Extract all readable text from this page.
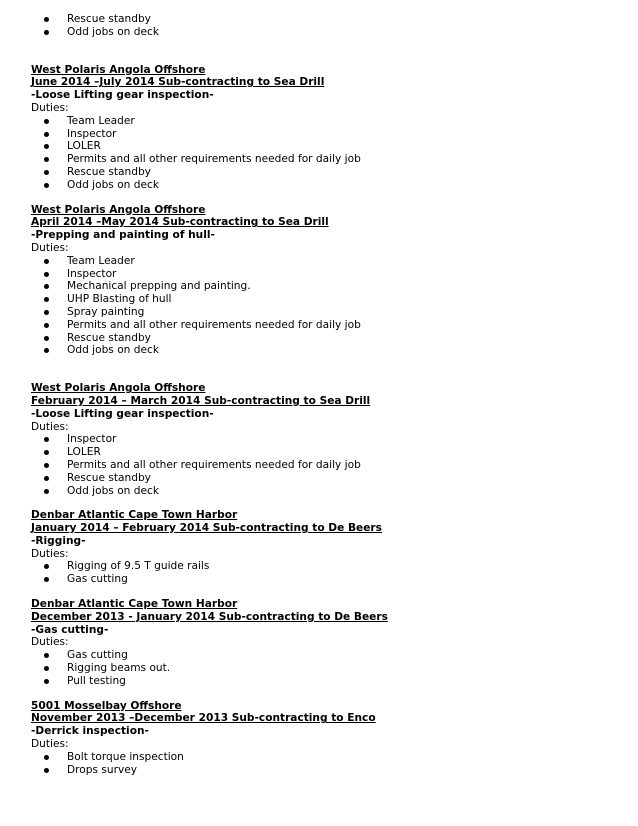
Rescue standby
Odd jobs on deck
West Polaris Angola Offshore
June 2014 –July 2014 Sub-contracting to Sea Drill
-Loose Lifting gear inspection-
Duties:
Team Leader
Inspector
LOLER
Permits and all other requirements needed for daily job
Rescue standby
Odd jobs on deck
West Polaris Angola Offshore
April 2014 –May 2014 Sub-contracting to Sea Drill
-Prepping and painting of hull-
Duties:
Team Leader
Inspector
Mechanical prepping and painting.
UHP Blasting of hull
Spray painting
Permits and all other requirements needed for daily job
Rescue standby
Odd jobs on deck
West Polaris Angola Offshore
February 2014 – March 2014 Sub-contracting to Sea Drill
-Loose Lifting gear inspection-
Duties:
Inspector
LOLER
Permits and all other requirements needed for daily job
Rescue standby
Odd jobs on deck
Denbar Atlantic Cape Town Harbor
January 2014 – February 2014 Sub-contracting to De Beers
-Rigging-
Duties:
Rigging of 9.5 T guide rails
Gas cutting
Denbar Atlantic Cape Town Harbor
December 2013 - January 2014 Sub-contracting to De Beers
-Gas cutting-
Duties:
Gas cutting
Rigging beams out.
Pull testing
5001 Mosselbay Offshore
November 2013 –December 2013 Sub-contracting to Enco
-Derrick inspection-
Duties:
Bolt torque inspection
Drops survey
